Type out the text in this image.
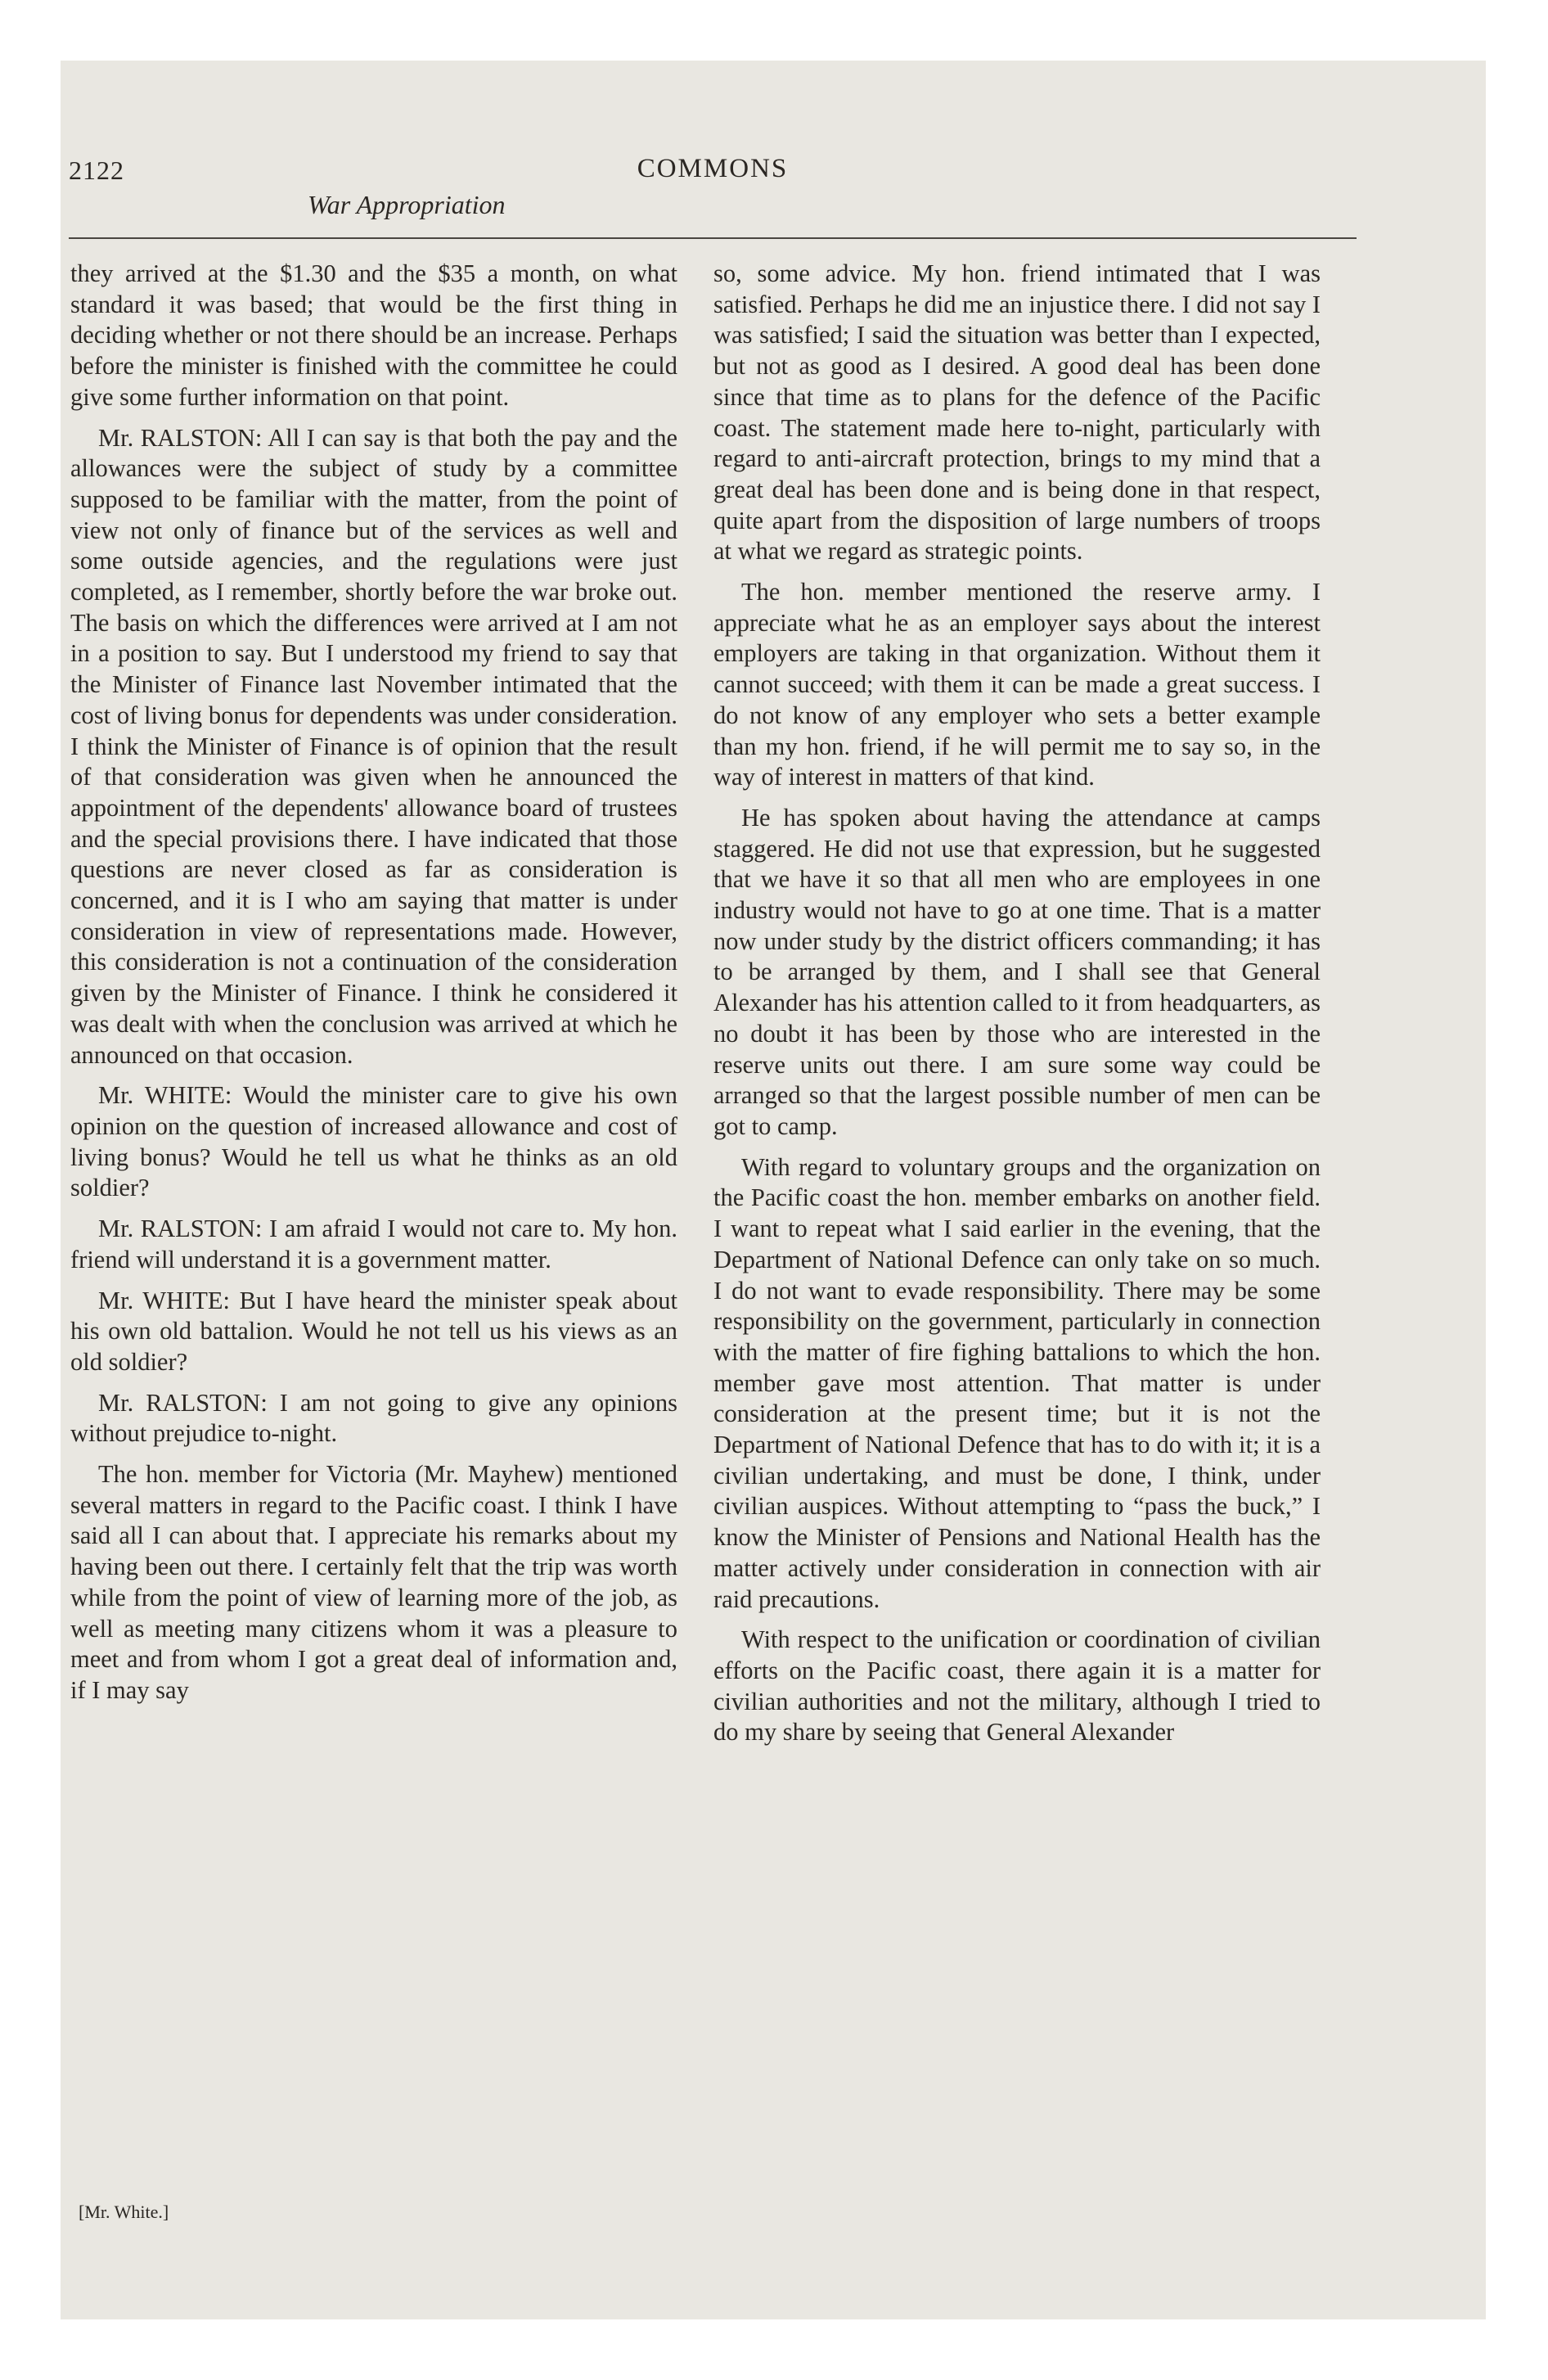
2122	COMMONS
War Appropriation

they arrived at the $1.30 and the $35 a month, on what standard it was based; that would be the first thing in deciding whether or not there should be an increase. Perhaps before the minister is finished with the committee he could give some further information on that point.

Mr. RALSTON: All I can say is that both the pay and the allowances were the subject of study by a committee supposed to be familiar with the matter, from the point of view not only of finance but of the services as well and some outside agencies, and the regulations were just completed, as I remember, shortly before the war broke out. The basis on which the differences were arrived at I am not in a position to say. But I understood my friend to say that the Minister of Finance last November intimated that the cost of living bonus for dependents was under consideration. I think the Minister of Finance is of opinion that the result of that consideration was given when he announced the appointment of the dependents' allowance board of trustees and the special provisions there. I have indicated that those questions are never closed as far as consideration is concerned, and it is I who am saying that matter is under consideration in view of representations made. However, this consideration is not a continuation of the consideration given by the Minister of Finance. I think he considered it was dealt with when the conclusion was arrived at which he announced on that occasion.

Mr. WHITE: Would the minister care to give his own opinion on the question of increased allowance and cost of living bonus? Would he tell us what he thinks as an old soldier?

Mr. RALSTON: I am afraid I would not care to. My hon. friend will understand it is a government matter.

Mr. WHITE: But I have heard the minister speak about his own old battalion. Would he not tell us his views as an old soldier?

Mr. RALSTON: I am not going to give any opinions without prejudice to-night.

The hon. member for Victoria (Mr. Mayhew) mentioned several matters in regard to the Pacific coast. I think I have said all I can about that. I appreciate his remarks about my having been out there. I certainly felt that the trip was worth while from the point of view of learning more of the job, as well as meeting many citizens whom it was a pleasure to meet and from whom I got a great deal of information and, if I may say

so, some advice. My hon. friend intimated that I was satisfied. Perhaps he did me an injustice there. I did not say I was satisfied; I said the situation was better than I expected, but not as good as I desired. A good deal has been done since that time as to plans for the defence of the Pacific coast. The statement made here to-night, particularly with regard to anti-aircraft protection, brings to my mind that a great deal has been done and is being done in that respect, quite apart from the disposition of large numbers of troops at what we regard as strategic points.

The hon. member mentioned the reserve army. I appreciate what he as an employer says about the interest employers are taking in that organization. Without them it cannot succeed; with them it can be made a great success. I do not know of any employer who sets a better example than my hon. friend, if he will permit me to say so, in the way of interest in matters of that kind.

He has spoken about having the attendance at camps staggered. He did not use that expression, but he suggested that we have it so that all men who are employees in one industry would not have to go at one time. That is a matter now under study by the district officers commanding; it has to be arranged by them, and I shall see that General Alexander has his attention called to it from headquarters, as no doubt it has been by those who are interested in the reserve units out there. I am sure some way could be arranged so that the largest possible number of men can be got to camp.

With regard to voluntary groups and the organization on the Pacific coast the hon. member embarks on another field. I want to repeat what I said earlier in the evening, that the Department of National Defence can only take on so much. I do not want to evade responsibility. There may be some responsibility on the government, particularly in connection with the matter of fire fighing battalions to which the hon. member gave most attention. That matter is under consideration at the present time; but it is not the Department of National Defence that has to do with it; it is a civilian undertaking, and must be done, I think, under civilian auspices. Without attempting to “pass the buck,” I know the Minister of Pensions and National Health has the matter actively under consideration in connection with air raid precautions.

With respect to the unification or coordination of civilian efforts on the Pacific coast, there again it is a matter for civilian authorities and not the military, although I tried to do my share by seeing that General Alexander

[Mr. White.]
